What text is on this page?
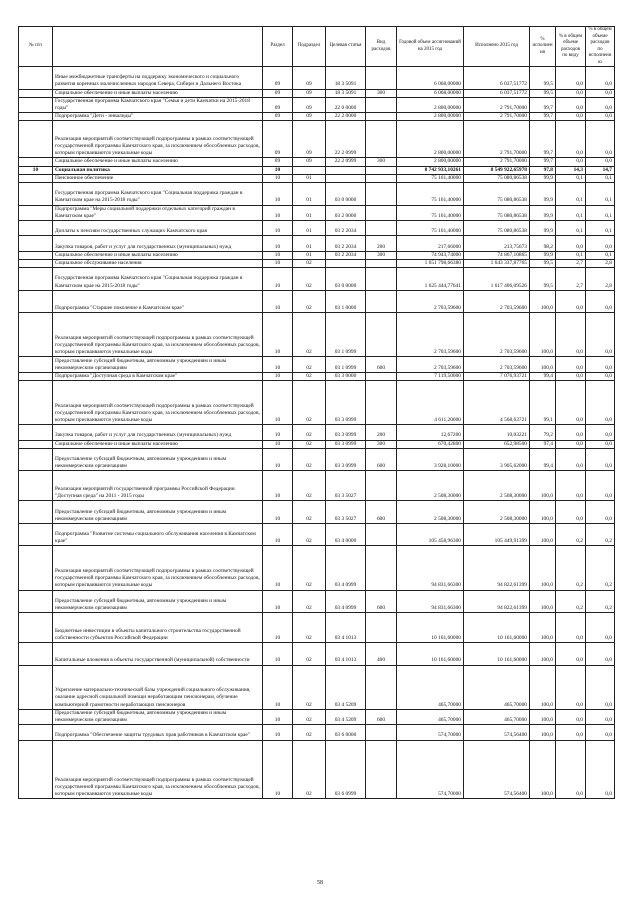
№ п/п		Раздел	Подраздел	Целевая статья	Вид расходов	Годовой объем ассигнований на 2015 год	Исполнено 2015 год	% исполнения	% в общем объеме расходов по виду	% в общем объеме расходов по исполнению
	Иные межбюджетные трансферты на поддержку экономического и социального развития коренных малочисленных народов Севера, Сибири и Дальнего Востока	09	09	18 3 5091		6 068,00000	6 037,51772	99,5	0,0	0,0
	Социальное обеспечение и иные выплаты населению	09	09	18 3 5091	300	6 068,00000	6 037,51772	99,5	0,0	0,0
	Государственная программа Камчатского края "Семья и дети Камчатки на 2015-2018 годы"	09	09	22 0 0000		2 800,00000	2 791,70000	99,7	0,0	0,0
	Подпрограмма "Дети - инвалиды"	09	09	22 2 0000		2 800,00000	2 791,70000	99,7	0,0	0,0
	Реализация мероприятий соответствующей подпрограммы в рамках соответствующей государственной программы Камчатского края, за исключением обособленных расходов, которым присваиваются уникальные коды	09	09	22 2 0999		2 800,00000	2 791,70000	99,7	0,0	0,0
	Социальное обеспечение и иные выплаты населению	09	09	22 2 0999	300	2 800,00000	2 791,70000	99,7	0,0	0,0
10	Социальная политика	10				8 742 933,10261	8 549 922,65978	97,8	14,3	14,7
	Пенсионное обеспечение	10	01			75 161,40000	75 080,86538	99,9	0,1	0,1
	Государственная программа Камчатского края "Социальная поддержка граждан в Камчатском крае на 2015-2018 годы"	10	01	03 0 0000		75 161,40000	75 080,86538	99,9	0,1	0,1
	Подпрограмма "Меры социальной поддержки отдельных категорий граждан в Камчатском крае"	10	01	03 2 0000		75 161,40000	75 080,86538	99,9	0,1	0,1
	Доплаты к пенсиям государственных служащих Камчатского края	10	01	03 2 2034		75 161,40000	75 080,86538	99,9	0,1	0,1
	Закупка товаров, работ и услуг для государственных (муниципальных) нужд	10	01	03 2 2034	200	217,66000	213,75673	98,2	0,0	0,0
	Социальное обеспечение и иные выплаты населению	10	01	03 2 2034	300	74 943,74000	74 867,10865	99,9	0,1	0,1
	Социальное обслуживание населения	10	02			1 651 798,66380	1 643 337,87765	99,5	2,7	2,8
	Государственная программа Камчатского края "Социальная поддержка граждан в Камчатском крае на 2015-2018 годы"	10	02	03 0 0000		1 625 444,77641	1 617 406,09526	99,5	2,7	2,8
	Подпрограмма "Старшее поколение в Камчатском крае"	10	02	03 1 0000		2 703,59600	2 703,59600	100,0	0,0	0,0
	Реализация мероприятий соответствующей подпрограммы в рамках соответствующей государственной программы Камчатского края, за исключением обособленных расходов, которым присваиваются уникальные коды	10	02	03 1 0999		2 703,59600	2 703,59600	100,0	0,0	0,0
	Предоставление субсидий бюджетным, автономным учреждениям и иным некоммерческим организациям	10	02	03 1 0999	600	2 703,59600	2 703,59600	100,0	0,0	0,0
	Подпрограмма "Доступная среда в Камчатском крае"	10	02	03 3 0000		7 119,50000	7 076,93721	99,4	0,0	0,0
	Реализация мероприятий соответствующей подпрограммы в рамках соответствующей государственной программы Камчатского края, за исключением обособленных расходов, которым присваиваются уникальные коды	10	02	03 3 0999		4 611,20000	4 568,63721	99,1	0,0	0,0
	Закупка товаров, работ и услуг для государственных (муниципальных) нужд	10	02	03 3 0999	200	12,67200	10,03221	79,2	0,0	0,0
	Социальное обеспечение и иные выплаты населению	10	02	03 3 0999	300	670,42800	652,98500	97,4	0,0	0,0
	Предоставление субсидий бюджетным, автономным учреждениям и иным некоммерческим организациям	10	02	03 3 0999	600	3 928,10000	3 905,62000	99,4	0,0	0,0
	Реализация мероприятий государственной программы Российской Федерации "Доступная среда" на 2011 - 2015 годы	10	02	03 3 5027		2 508,30000	2 508,30000	100,0	0,0	0,0
	Предоставление субсидий бюджетным, автономным учреждениям и иным некоммерческим организациям	10	02	03 3 5027	600	2 508,30000	2 508,30000	100,0	0,0	0,0
	Подпрограмма "Развитие системы социального обслуживания населения в Камчатском крае"	10	02	03 4 0000		105 458,96300	105 449,91399	100,0	0,2	0,2
	Реализация мероприятий соответствующей подпрограммы в рамках соответствующей государственной программы Камчатского края, за исключением обособленных расходов, которым присваиваются уникальные коды	10	02	03 4 0999		94 831,66300	94 822,61399	100,0	0,2	0,2
	Предоставление субсидий бюджетным, автономным учреждениям и иным некоммерческим организациям	10	02	03 4 0999	600	94 831,66300	94 822,61399	100,0	0,2	0,2
	Бюджетные инвестиции в объекты капитального строительства государственной собственности субъектов Российской Федерации	10	02	03 4 1013		10 161,60000	10 161,60000	100,0	0,0	0,0
	Капитальные вложения в объекты государственной (муниципальной) собственности	10	02	03 4 1013	400	10 161,60000	10 161,60000	100,0	0,0	0,0
	Укрепление материально-технической базы учреждений социального обслуживания, оказание адресной социальной помощи неработающим пенсионерам, обучение компьютерной грамотности неработающих пенсионеров	10	02	03 4 5209		465,70000	465,70000	100,0	0,0	0,0
	Предоставление субсидий бюджетным, автономным учреждениям и иным некоммерческим организациям	10	02	03 4 5209	600	465,70000	465,70000	100,0	0,0	0,0
	Подпрограмма "Обеспечение защиты трудовых прав работников в Камчатском крае"	10	02	03 6 0000		574,70000	574,56400	100,0	0,0	0,0
	Реализация мероприятий соответствующей подпрограммы в рамках соответствующей государственной программы Камчатского края, за исключением обособленных расходов, которым присваиваются уникальные коды	10	02	03 6 0999		574,70000	574,56400	100,0	0,0	0,0
58
